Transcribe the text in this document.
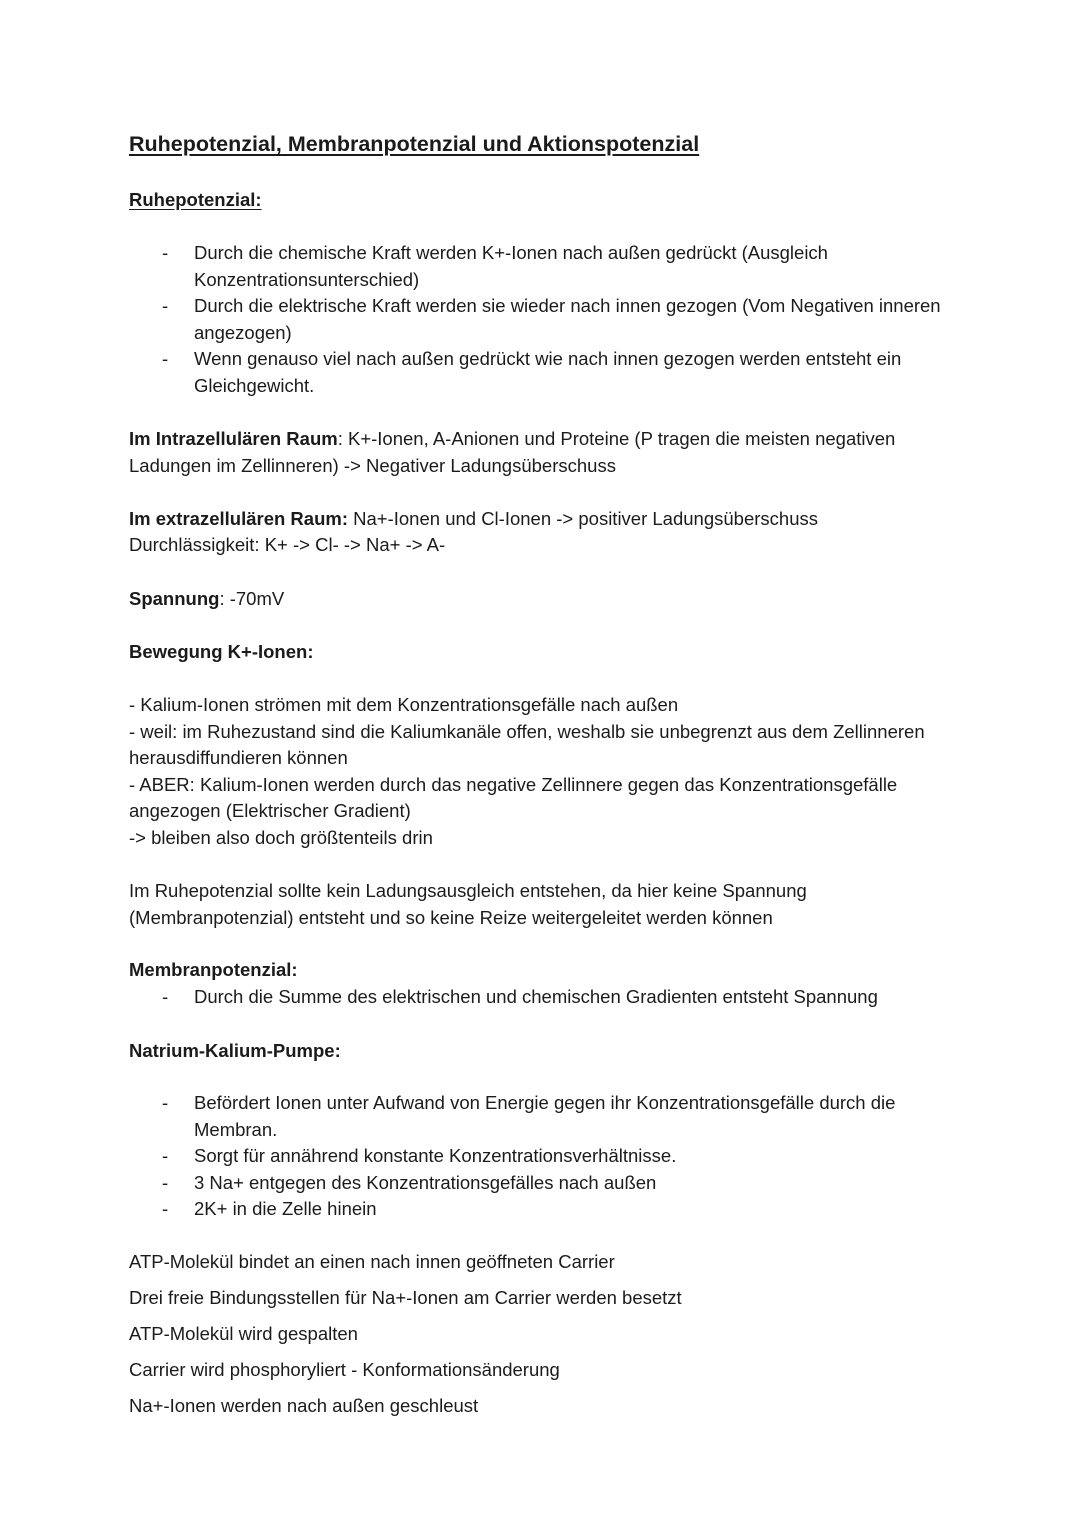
Ruhepotenzial, Membranpotenzial und Aktionspotenzial
Ruhepotenzial:
- Durch die chemische Kraft werden K+-Ionen nach außen gedrückt (Ausgleich Konzentrationsunterschied)
- Durch die elektrische Kraft werden sie wieder nach innen gezogen (Vom Negativen inneren angezogen)
- Wenn genauso viel nach außen gedrückt wie nach innen gezogen werden entsteht ein Gleichgewicht.

Im Intrazellulären Raum: K+-Ionen, A-Anionen und Proteine (P tragen die meisten negativen Ladungen im Zellinneren) -> Negativer Ladungsüberschuss

Im extrazellulären Raum: Na+-Ionen und Cl-Ionen -> positiver Ladungsüberschuss

Durchlässigkeit: K+ -> Cl- -> Na+ -> A-

Spannung: -70mV

Bewegung K+-Ionen:

- Kalium-Ionen strömen mit dem Konzentrationsgefälle nach außen

- weil: im Ruhezustand sind die Kaliumkanäle offen, weshalb sie unbegrenzt aus dem Zellinneren herausdiffundieren können

- ABER: Kalium-Ionen werden durch das negative Zellinnere gegen das Konzentrationsgefälle angezogen (Elektrischer Gradient)

-> bleiben also doch größtenteils drin

Im Ruhepotenzial sollte kein Ladungsausgleich entstehen, da hier keine Spannung (Membranpotenzial) entsteht und so keine Reize weitergeleitet werden können

Membranpotenzial:

- Durch die Summe des elektrischen und chemischen Gradienten entsteht Spannung

Natrium-Kalium-Pumpe:

- Befördert Ionen unter Aufwand von Energie gegen ihr Konzentrationsgefälle durch die Membran.
- Sorgt für annährend konstante Konzentrationsverhältnisse.
- 3 Na+ entgegen des Konzentrationsgefälles nach außen
- 2K+ in die Zelle hinein

ATP-Molekül bindet an einen nach innen geöffneten Carrier

Drei freie Bindungsstellen für Na+-Ionen am Carrier werden besetzt

ATP-Molekül wird gespalten

Carrier wird phosphoryliert - Konformationsänderung

Na+-Ionen werden nach außen geschleust
